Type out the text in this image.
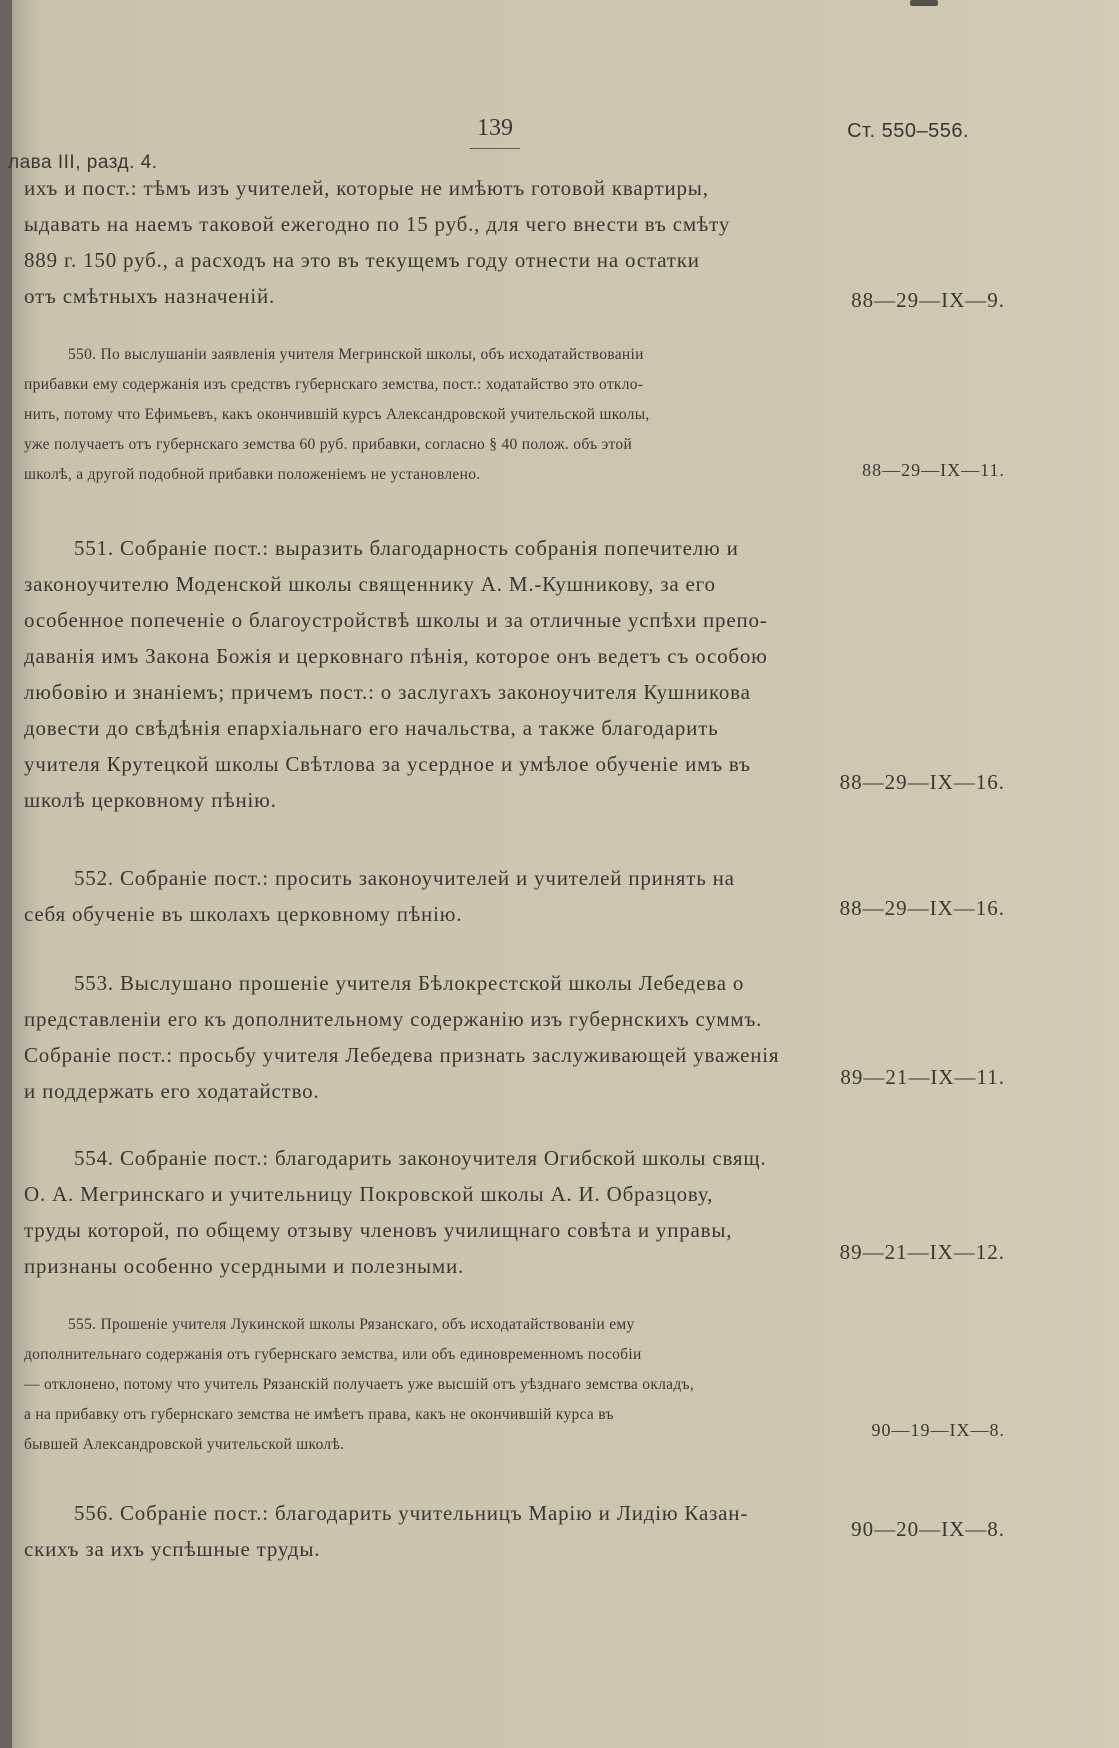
лава III, разд. 4.
139	Ст. 550–556.
ихъ и пост.: тѣмъ изъ учителей, которые не имѣютъ готовой квартиры,
ыдавать на наемъ таковой ежегодно по 15 руб., для чего внести въ смѣту
889 г. 150 руб., а расходъ на это въ текущемъ году отнести на остатки
отъ смѣтныхъ назначеній.	88—29—IX—9.
550. По выслушаніи заявленія учителя Мегринской школы, объ исходатайствованіи
прибавки ему содержанія изъ средствъ губернскаго земства, пост.: ходатайство это откло-
нить, потому что Ефимьевъ, какъ окончившій курсъ Александровской учительской школы,
уже получаетъ отъ губернскаго земства 60 руб. прибавки, согласно § 40 полож. объ этой
школѣ, а другой подобной прибавки положеніемъ не установлено.	88—29—IX—11.
551. Собраніе пост.: выразить благодарность собранія попечителю и
законоучителю Моденской школы священнику А. М.-Кушникову, за его
особенное попеченіе о благоустройствѣ школы и за отличные успѣхи препо-
даванія имъ Закона Божія и церковнаго пѣнія, которое онъ ведетъ съ особою
любовію и знаніемъ; причемъ пост.: о заслугахъ законоучителя Кушникова
довести до свѣдѣнія епархіальнаго его начальства, а также благодарить
учителя Крутецкой школы Свѣтлова за усердное и умѣлое обученіе имъ въ
школѣ церковному пѣнію.
88—29—IX—16.
552. Собраніе пост.: просить законоучителей и учителей принять на
себя обученіе въ школахъ церковному пѣнію.	88—29—IX—16.
553. Выслушано прошеніе учителя Бѣлокрестской школы Лебедева о
представленіи его къ дополнительному содержанію изъ губернскихъ суммъ.
Собраніе пост.: просьбу учителя Лебедева признать заслуживающей уваженія
и поддержать его ходатайство.
89—21—IX—11.
554. Собраніе пост.: благодарить законоучителя Огибской школы свящ.
О. А. Мегринскаго и учительницу Покровской школы А. И. Образцову,
труды которой, по общему отзыву членовъ училищнаго совѣта и управы,
признаны особенно усердными и полезными.
89—21—IX—12.
555. Прошеніе учителя Лукинской школы Рязанскаго, объ исходатайствованіи ему
дополнительнаго содержанія отъ губернскаго земства, или объ единовременномъ пособіи
— отклонено, потому что учитель Рязанскій получаетъ уже высшій отъ уѣзднаго земства окладъ,
а на прибавку отъ губернскаго земства не имѣетъ права, какъ не окончившій курса въ
бывшей Александровской учительской школѣ.
90—19—IX—8.
556. Собраніе пост.: благодарить учительницъ Марію и Лидію Казан-
скихъ за ихъ успѣшные труды.
90—20—IX—8.
